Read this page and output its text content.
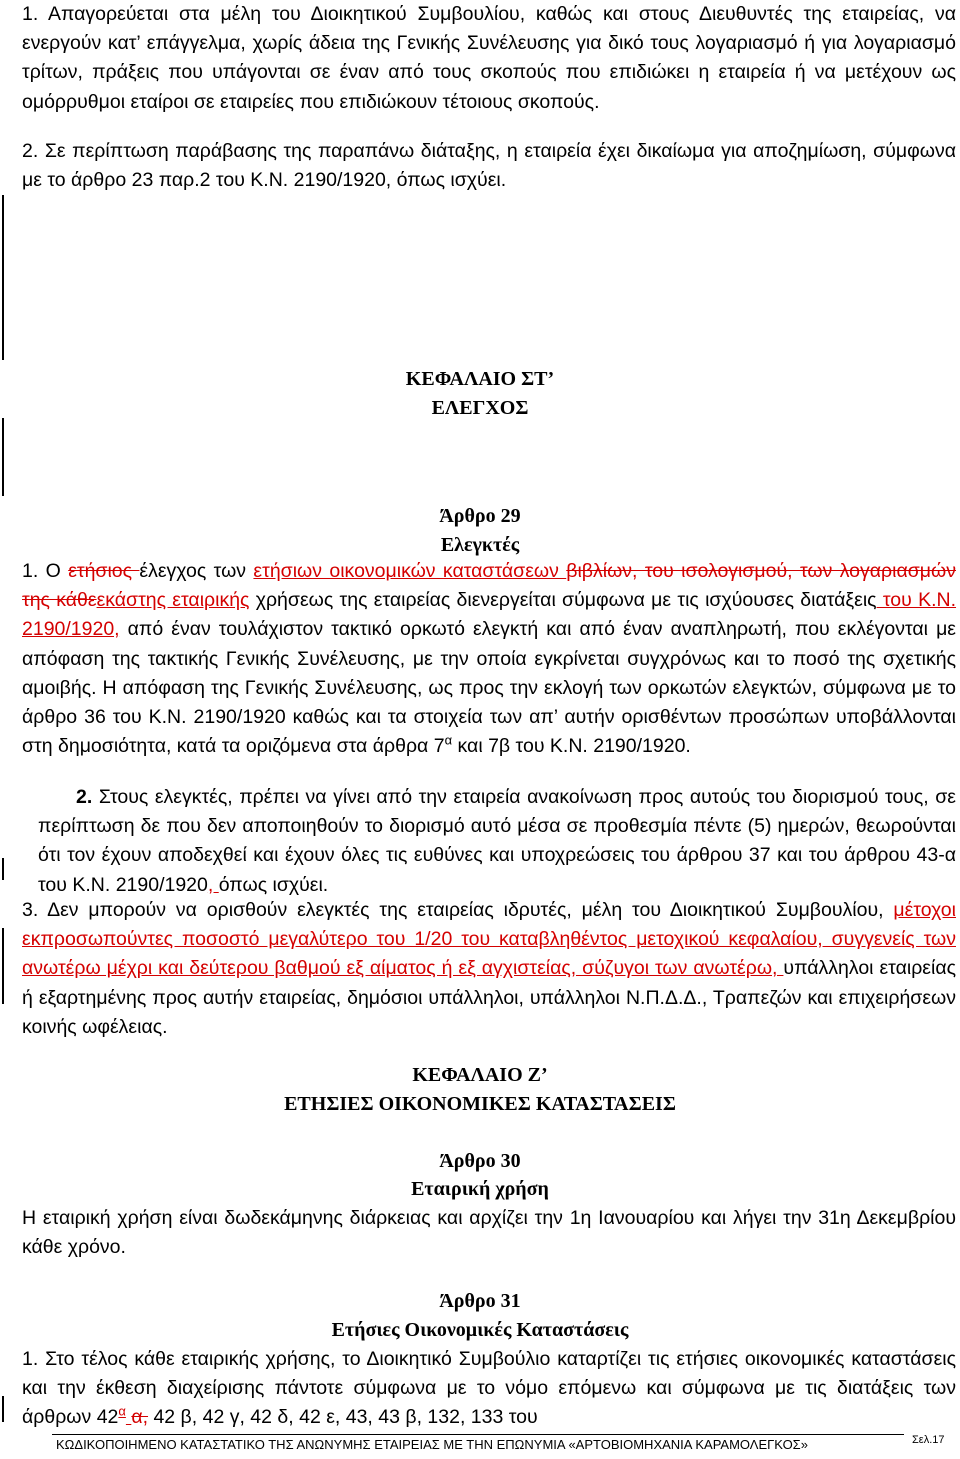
1. Απαγορεύεται στα μέλη του Διοικητικού Συμβουλίου, καθώς και στους Διευθυντές της εταιρείας, να ενεργούν κατ’ επάγγελμα, χωρίς άδεια της Γενικής Συνέλευσης για δικό τους λογαριασμό ή για λογαριασμό τρίτων, πράξεις που υπάγονται σε έναν από τους σκοπούς που επιδιώκει η εταιρεία ή να μετέχουν ως ομόρρυθμοι εταίροι σε εταιρείες που επιδιώκουν τέτοιους σκοπούς.

2. Σε περίπτωση παράβασης της παραπάνω διάταξης, η εταιρεία έχει δικαίωμα για αποζημίωση, σύμφωνα με το άρθρο 23 παρ.2 του Κ.Ν. 2190/1920, όπως ισχύει.

ΚΕΦΑΛΑΙΟ ΣΤ’
ΕΛΕΓΧΟΣ
Άρθρο 29
Ελεγκτές

1. Ο ετήσιος έλεγχος των ετήσιων οικονομικών καταστάσεων βιβλίων, του ισολογισμού, των λογαριασμών της κάθεεκάστης εταιρικής χρήσεως της εταιρείας διενεργείται σύμφωνα με τις ισχύουσες διατάξεις του Κ.Ν. 2190/1920, από έναν τουλάχιστον τακτικό ορκωτό ελεγκτή και από έναν αναπληρωτή, που εκλέγονται με απόφαση της τακτικής Γενικής Συνέλευσης, με την οποία εγκρίνεται συγχρόνως και το ποσό της σχετικής αμοιβής. Η απόφαση της Γενικής Συνέλευσης, ως προς την εκλογή των ορκωτών ελεγκτών, σύμφωνα με το άρθρο 36 του Κ.Ν. 2190/1920 καθώς και τα στοιχεία των απ’ αυτήν ορισθέντων προσώπων υποβάλλονται στη δημοσιότητα, κατά τα οριζόμενα στα άρθρα $7^\alpha$ και 7β του Κ.Ν. 2190/1920.

2. Στους ελεγκτές, πρέπει να γίνει από την εταιρεία ανακοίνωση προς αυτούς του διορισμού τους, σε περίπτωση δε που δεν αποποιηθούν το διορισμό αυτό μέσα σε προθεσμία πέντε (5) ημερών, θεωρούνται ότι τον έχουν αποδεχθεί και έχουν όλες τις ευθύνες και υποχρεώσεις του άρθρου 37 και του άρθρου 43-α του Κ.Ν. 2190/1920, όπως ισχύει.

3. Δεν μπορούν να ορισθούν ελεγκτές της εταιρείας ιδρυτές, μέλη του Διοικητικού Συμβουλίου, μέτοχοι εκπροσωπούντες ποσοστό μεγαλύτερο του 1/20 του καταβληθέντος μετοχικού κεφαλαίου, συγγενείς των ανωτέρω μέχρι και δεύτερου βαθμού εξ αίματος ή εξ αγχιστείας, σύζυγοι των ανωτέρω, υπάλληλοι εταιρείας ή εξαρτημένης προς αυτήν εταιρείας, δημόσιοι υπάλληλοι, υπάλληλοι Ν.Π.Δ.Δ., Τραπεζών και επιχειρήσεων κοινής ωφέλειας.

ΚΕΦΑΛΑΙΟ Ζ’
ΕΤΗΣΙΕΣ ΟΙΚΟΝΟΜΙΚΕΣ ΚΑΤΑΣΤΑΣΕΙΣ
Άρθρο 30
Εταιρική χρήση

Η εταιρική χρήση είναι δωδεκάμηνης διάρκειας και αρχίζει την 1η Ιανουαρίου και λήγει την 31η Δεκεμβρίου κάθε χρόνο.

Άρθρο 31
Ετήσιες Οικονομικές Καταστάσεις

1. Στο τέλος κάθε εταιρικής χρήσης, το Διοικητικό Συμβούλιο καταρτίζει τις ετήσιες οικονομικές καταστάσεις και την έκθεση διαχείρισης πάντοτε σύμφωνα με το νόμο επόμενω και σύμφωνα με τις διατάξεις των άρθρων $42^\alpha$ α, 42 β, 42 γ, 42 δ, 42 ε, 43, 43 β, 132, 133 του

ΚΩΔΙΚΟΠΟΙΗΜΕΝΟ ΚΑΤΑΣΤΑΤΙΚΟ ΤΗΣ ΑΝΩΝΥΜΗΣ ΕΤΑΙΡΕΙΑΣ ΜΕ ΤΗΝ ΕΠΩΝΥΜΙΑ «ΑΡΤΟΒΙΟΜΗΧΑΝΙΑ ΚΑΡΑΜΟΛΕΓΚΟΣ»	Σελ.17
